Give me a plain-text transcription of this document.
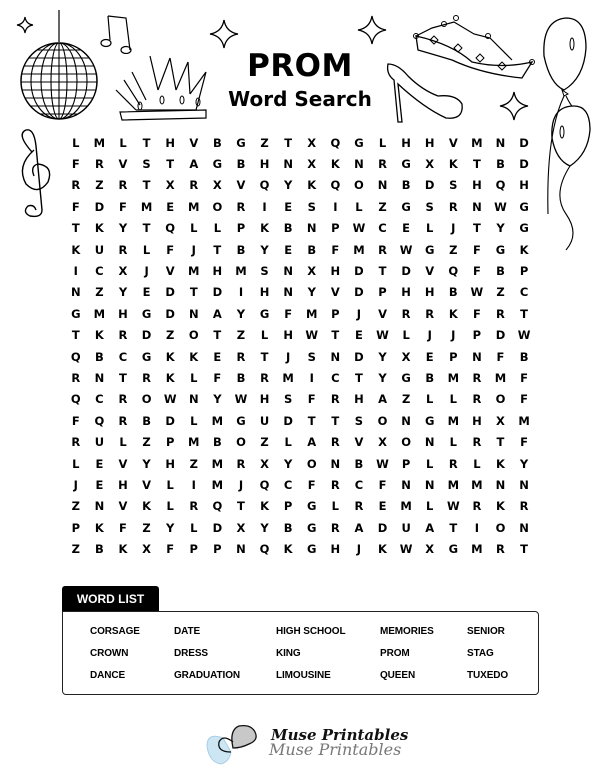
PROM
Word Search
L	M	L	T	H	V	B	G	Z	T	X	Q	G	L	H	H	V	M	N	D
F	R	V	S	T	A	G	B	H	N	X	K	N	R	G	X	K	T	B	D
R	Z	R	T	X	R	X	V	Q	Y	K	Q	O	N	B	D	S	H	Q	H
F	D	F	M	E	M	O	R	I	E	S	I	L	Z	G	S	R	N	W	G
T	K	Y	T	Q	L	L	P	K	B	N	P	W	C	E	L	J	T	Y	G
K	U	R	L	F	J	T	B	Y	E	B	F	M	R	W	G	Z	F	G	K
I	C	X	J	V	M	H	M	S	N	X	H	D	T	D	V	Q	F	B	P
N	Z	Y	E	D	T	D	I	H	N	Y	V	D	P	H	H	B	W	Z	C
G	M	H	G	D	N	A	Y	G	F	M	P	J	V	R	R	K	F	R	T
T	K	R	D	Z	O	T	Z	L	H	W	T	E	W	L	J	J	P	D	W
Q	B	C	G	K	K	E	R	T	J	S	N	D	Y	X	E	P	N	F	B
R	N	T	R	K	L	F	B	R	M	I	C	T	Y	G	B	M	R	M	F
Q	C	R	O	W	N	Y	W	H	S	F	R	H	A	Z	L	L	R	O	F
F	Q	R	B	D	L	M	G	U	D	T	T	S	O	N	G	M	H	X	M
R	U	L	Z	P	M	B	O	Z	L	A	R	V	X	O	N	L	R	T	F
L	E	V	Y	H	Z	M	R	X	Y	O	N	B	W	P	L	R	L	K	Y
J	E	H	V	L	I	M	J	Q	C	F	R	C	F	N	N	M	M	N	N
Z	N	V	K	L	R	Q	T	K	P	G	L	R	E	M	L	W	R	K	R
P	K	F	Z	Y	L	D	X	Y	B	G	R	A	D	U	A	T	I	O	N
Z	B	K	X	F	P	P	N	Q	K	G	H	J	K	W	X	G	M	R	T
WORD LIST
CORSAGE
CROWN
DANCE
DATE
DRESS
GRADUATION
HIGH SCHOOL
KING
LIMOUSINE
MEMORIES
PROM
QUEEN
SENIOR
STAG
TUXEDO
Muse Printables
Muse Printables
